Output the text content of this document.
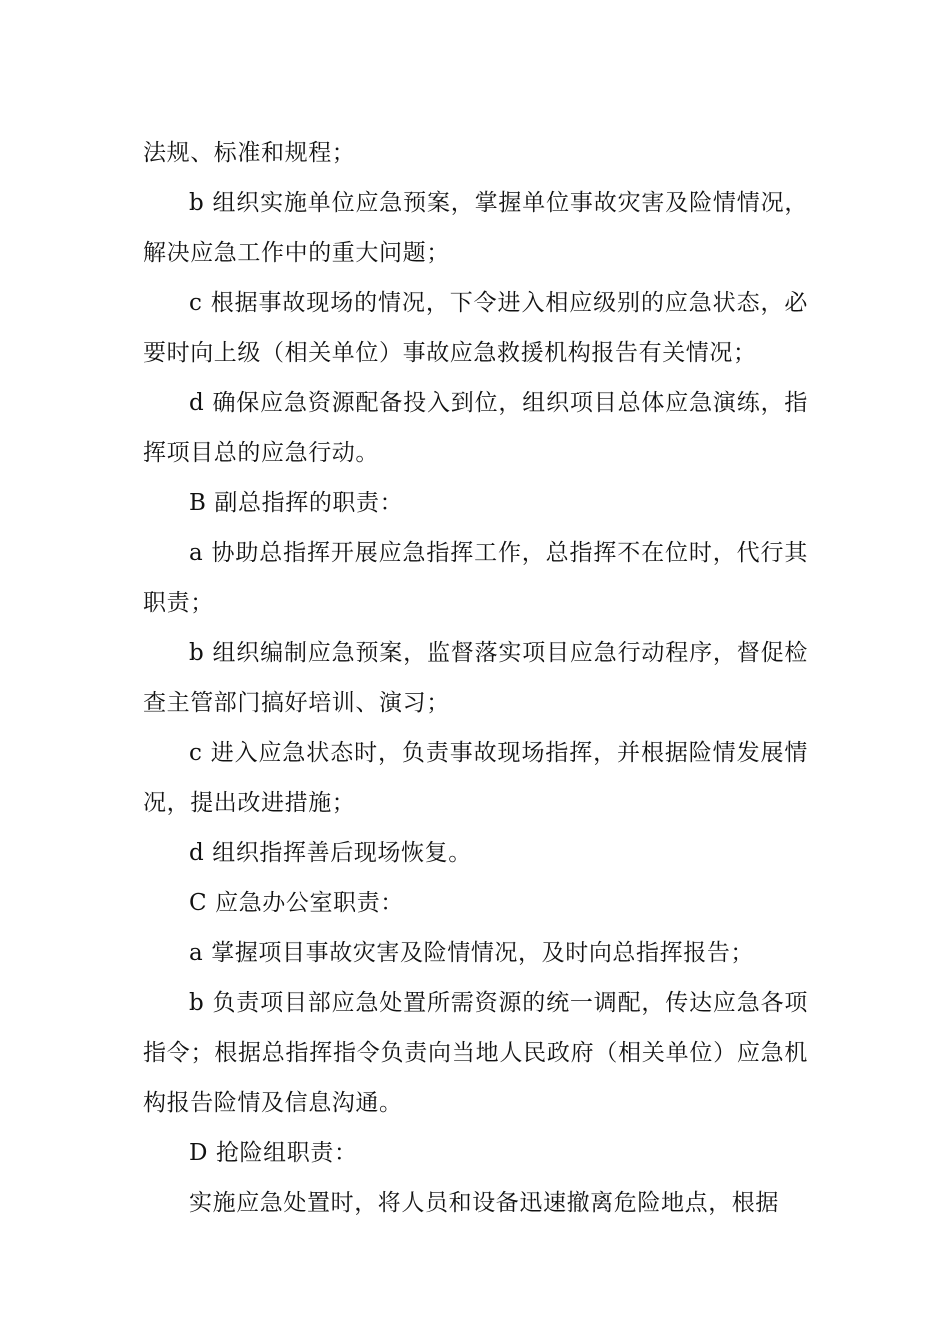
法规、标准和规程；

b 组织实施单位应急预案，掌握单位事故灾害及险情情况，解决应急工作中的重大问题；

c 根据事故现场的情况，下令进入相应级别的应急状态，必要时向上级（相关单位）事故应急救援机构报告有关情况；

d 确保应急资源配备投入到位，组织项目总体应急演练，指挥项目总的应急行动。

B 副总指挥的职责：

a 协助总指挥开展应急指挥工作，总指挥不在位时，代行其职责；

b 组织编制应急预案，监督落实项目应急行动程序，督促检查主管部门搞好培训、演习；

c 进入应急状态时，负责事故现场指挥，并根据险情发展情况，提出改进措施；

d 组织指挥善后现场恢复。

C 应急办公室职责：

a 掌握项目事故灾害及险情情况，及时向总指挥报告；

b 负责项目部应急处置所需资源的统一调配，传达应急各项指令；根据总指挥指令负责向当地人民政府（相关单位）应急机构报告险情及信息沟通。

D 抢险组职责：

实施应急处置时，将人员和设备迅速撤离危险地点，根据
